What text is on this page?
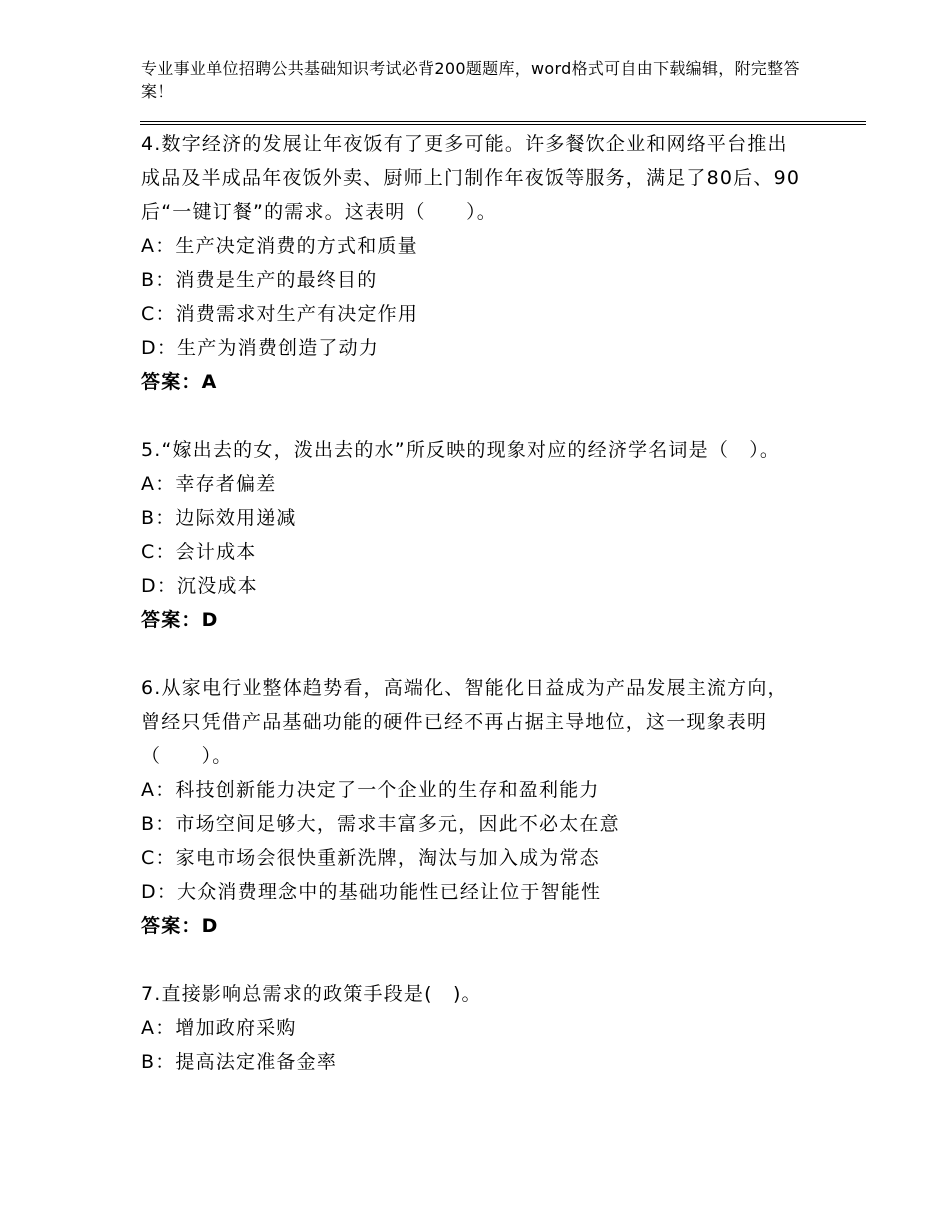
专业事业单位招聘公共基础知识考试必背200题题库，word格式可自由下载编辑，附完整答案！

4.数字经济的发展让年夜饭有了更多可能。许多餐饮企业和网络平台推出成品及半成品年夜饭外卖、厨师上门制作年夜饭等服务，满足了80后、90后“一键订餐”的需求。这表明（　　）。

A：生产决定消费的方式和质量

B：消费是生产的最终目的

C：消费需求对生产有决定作用

D：生产为消费创造了动力

答案：A

5.“嫁出去的女，泼出去的水”所反映的现象对应的经济学名词是（　）。

A：幸存者偏差

B：边际效用递减

C：会计成本

D：沉没成本

答案：D

6.从家电行业整体趋势看，高端化、智能化日益成为产品发展主流方向，曾经只凭借产品基础功能的硬件已经不再占据主导地位，这一现象表明（　　）。

A：科技创新能力决定了一个企业的生存和盈利能力

B：市场空间足够大，需求丰富多元，因此不必太在意

C：家电市场会很快重新洗牌，淘汰与加入成为常态

D：大众消费理念中的基础功能性已经让位于智能性

答案：D

7.直接影响总需求的政策手段是(　)。

A：增加政府采购

B：提高法定准备金率
